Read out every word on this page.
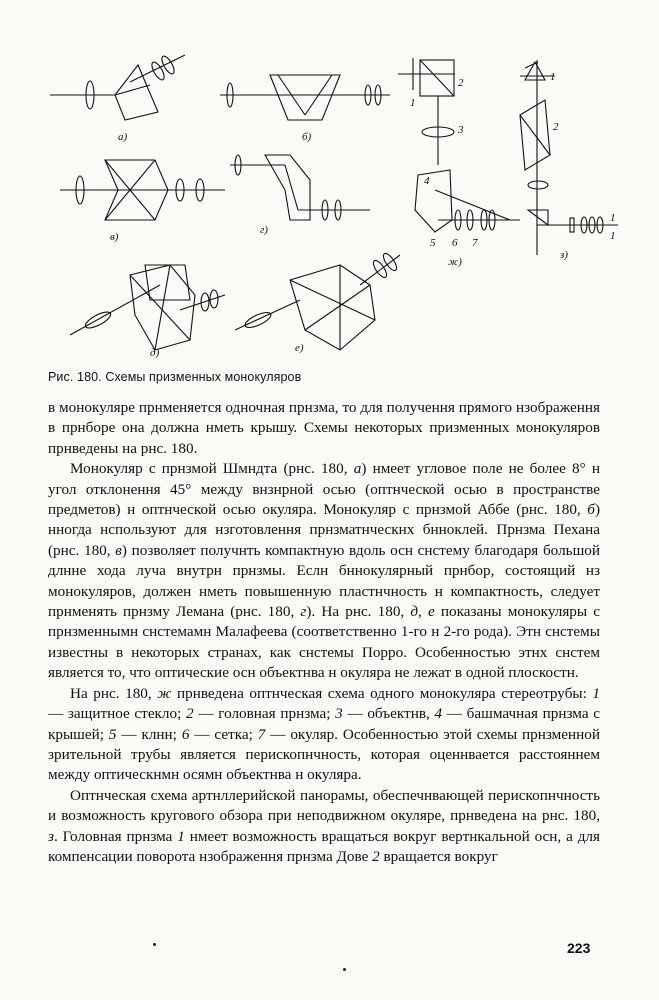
а)	б)
в)
г)
д)	е)
ж)
з)
1
2
3
4
5 6 7
1
2
1
1
Рис. 180. Схемы призменных монокуляров

в монокуляре прнменяется одночная прнзма, то для получення прямого нзображення в прнборе она должна нметь крышу. Схемы некоторых призменных монокуляров прнведены на рнс. 180.

Монокуляр с прнзмой Шмндта (рнс. 180, а) нмеет угловое поле не более 8° н угол отклонення 45° между внзнрной осью (оптнческой осью в пространстве предметов) н оптнческой осью окуляра. Монокуляр с прнзмой Аббе (рнс. 180, б) нногда нспользуют для нзготовлення прнзматнческнх бнноклей. Прнзма Пехана (рнс. 180, в) позволяет получнть компактную вдоль осн снстему благодаря большой длнне хода луча внутрн прнзмы. Еслн бннокулярный прнбор, состоящий нз монокуляров, должен нметь повышенную пластнчность н компактность, следует прнменять прнзму Лемана (рнс. 180, г). На рнс. 180, д, е показаны монокуляры с прнзменнымн снстемамн Малафеева (соответственно 1-го н 2-го рода). Этн снстемы известны в некоторых странах, как снстемы Порро. Особенностью этнх снстем является то, что оптические осн объектнва н окуляра не лежат в одной плоскостн.

На рнс. 180, ж прнведена оптнческая схема одного монокуляра стереотрубы: 1 — защитное стекло; 2 — головная прнзма; 3 — объектнв, 4 — башмачная прнзма с крышей; 5 — клнн; 6 — сетка; 7 — окуляр. Особенностью этой схемы прнзменной зрительной трубы является перископнчность, которая оценнвается расстояннем между оптическнмн осямн объектнва н окуляра.

Оптнческая схема артнллерийской панорамы, обеспечнвающей перископнчность и возможность кругового обзора при неподвижном окуляре, прнведена на рнс. 180, з. Головная прнзма 1 нмеет возможность вращаться вокруг вертнкальной осн, а для компенсации поворота нзображення прнзма Дове 2 вращается вокруг

223
